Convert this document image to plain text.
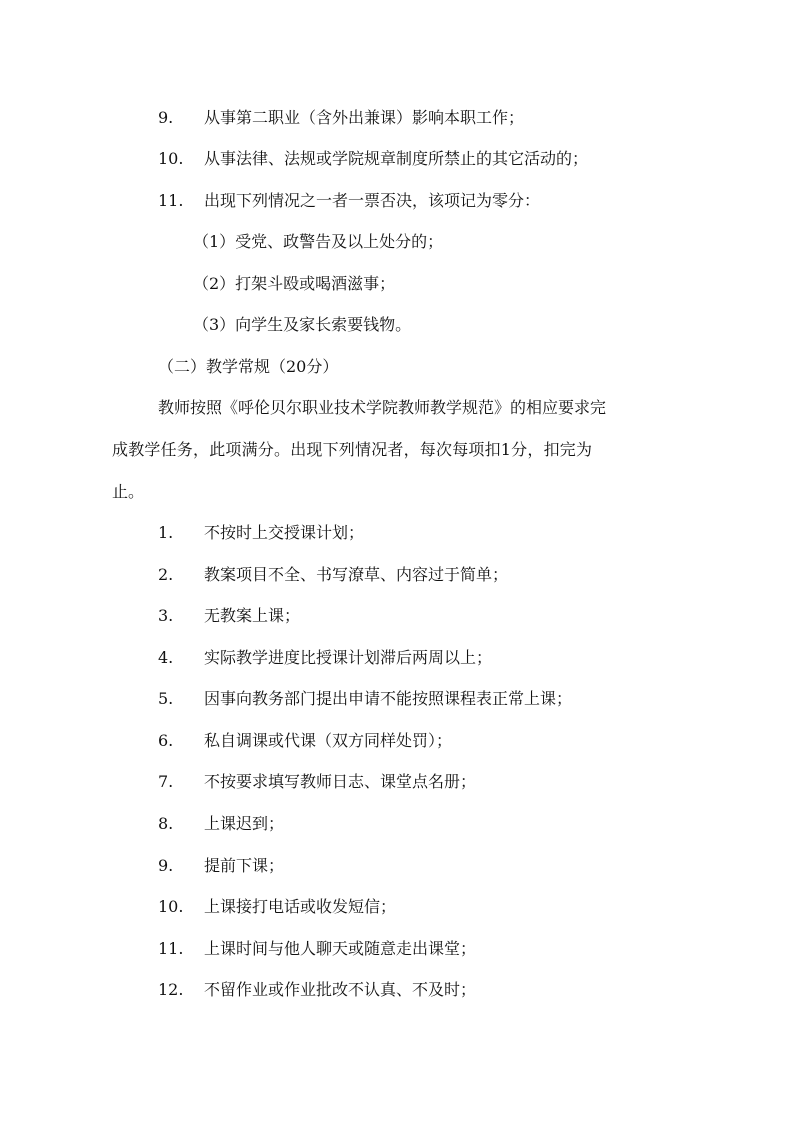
9. 从事第二职业（含外出兼课）影响本职工作；
10. 从事法律、法规或学院规章制度所禁止的其它活动的；
11. 出现下列情况之一者一票否决，该项记为零分：
（1）受党、政警告及以上处分的；
（2）打架斗殴或喝酒滋事；
（3）向学生及家长索要钱物。
（二）教学常规（20分）
教师按照《呼伦贝尔职业技术学院教师教学规范》的相应要求完
成教学任务，此项满分。出现下列情况者，每次每项扣1分，扣完为
止。
1. 不按时上交授课计划；
2. 教案项目不全、书写潦草、内容过于简单；
3. 无教案上课；
4. 实际教学进度比授课计划滞后两周以上；
5. 因事向教务部门提出申请不能按照课程表正常上课；
6. 私自调课或代课（双方同样处罚）；
7. 不按要求填写教师日志、课堂点名册；
8. 上课迟到；
9. 提前下课；
10. 上课接打电话或收发短信；
11. 上课时间与他人聊天或随意走出课堂；
12. 不留作业或作业批改不认真、不及时；
